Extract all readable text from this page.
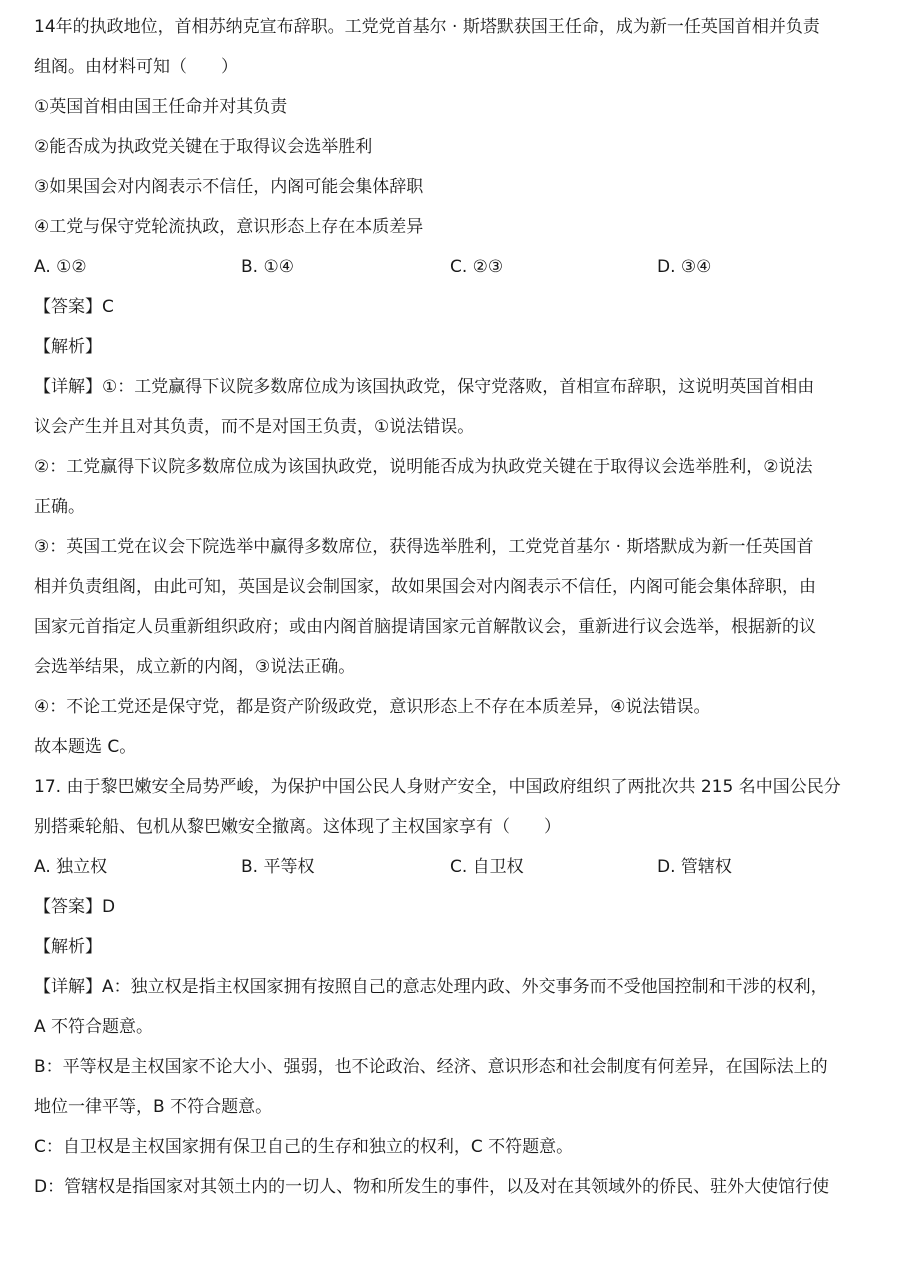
14年的执政地位，首相苏纳克宣布辞职。工党党首基尔 · 斯塔默获国王任命，成为新一任英国首相并负责
组阁。由材料可知（　　）
①英国首相由国王任命并对其负责
②能否成为执政党关键在于取得议会选举胜利
③如果国会对内阁表示不信任，内阁可能会集体辞职
④工党与保守党轮流执政，意识形态上存在本质差异
A. ①②	B. ①④	C. ②③	D. ③④
【答案】C
【解析】
【详解】①：工党赢得下议院多数席位成为该国执政党，保守党落败，首相宣布辞职，这说明英国首相由
议会产生并且对其负责，而不是对国王负责，①说法错误。
②：工党赢得下议院多数席位成为该国执政党，说明能否成为执政党关键在于取得议会选举胜利，②说法
正确。
③：英国工党在议会下院选举中赢得多数席位，获得选举胜利，工党党首基尔 · 斯塔默成为新一任英国首
相并负责组阁，由此可知，英国是议会制国家，故如果国会对内阁表示不信任，内阁可能会集体辞职，由
国家元首指定人员重新组织政府；或由内阁首脑提请国家元首解散议会，重新进行议会选举，根据新的议
会选举结果，成立新的内阁，③说法正确。
④：不论工党还是保守党，都是资产阶级政党，意识形态上不存在本质差异，④说法错误。
故本题选 C。
17. 由于黎巴嫩安全局势严峻，为保护中国公民人身财产安全，中国政府组织了两批次共 215 名中国公民分
别搭乘轮船、包机从黎巴嫩安全撤离。这体现了主权国家享有（　　）
A. 独立权	B. 平等权	C. 自卫权	D. 管辖权
【答案】D
【解析】
【详解】A：独立权是指主权国家拥有按照自己的意志处理内政、外交事务而不受他国控制和干涉的权利，
A 不符合题意。
B：平等权是主权国家不论大小、强弱，也不论政治、经济、意识形态和社会制度有何差异，在国际法上的
地位一律平等，B 不符合题意。
C：自卫权是主权国家拥有保卫自己的生存和独立的权利，C 不符题意。
D：管辖权是指国家对其领土内的一切人、物和所发生的事件，以及对在其领域外的侨民、驻外大使馆行使
